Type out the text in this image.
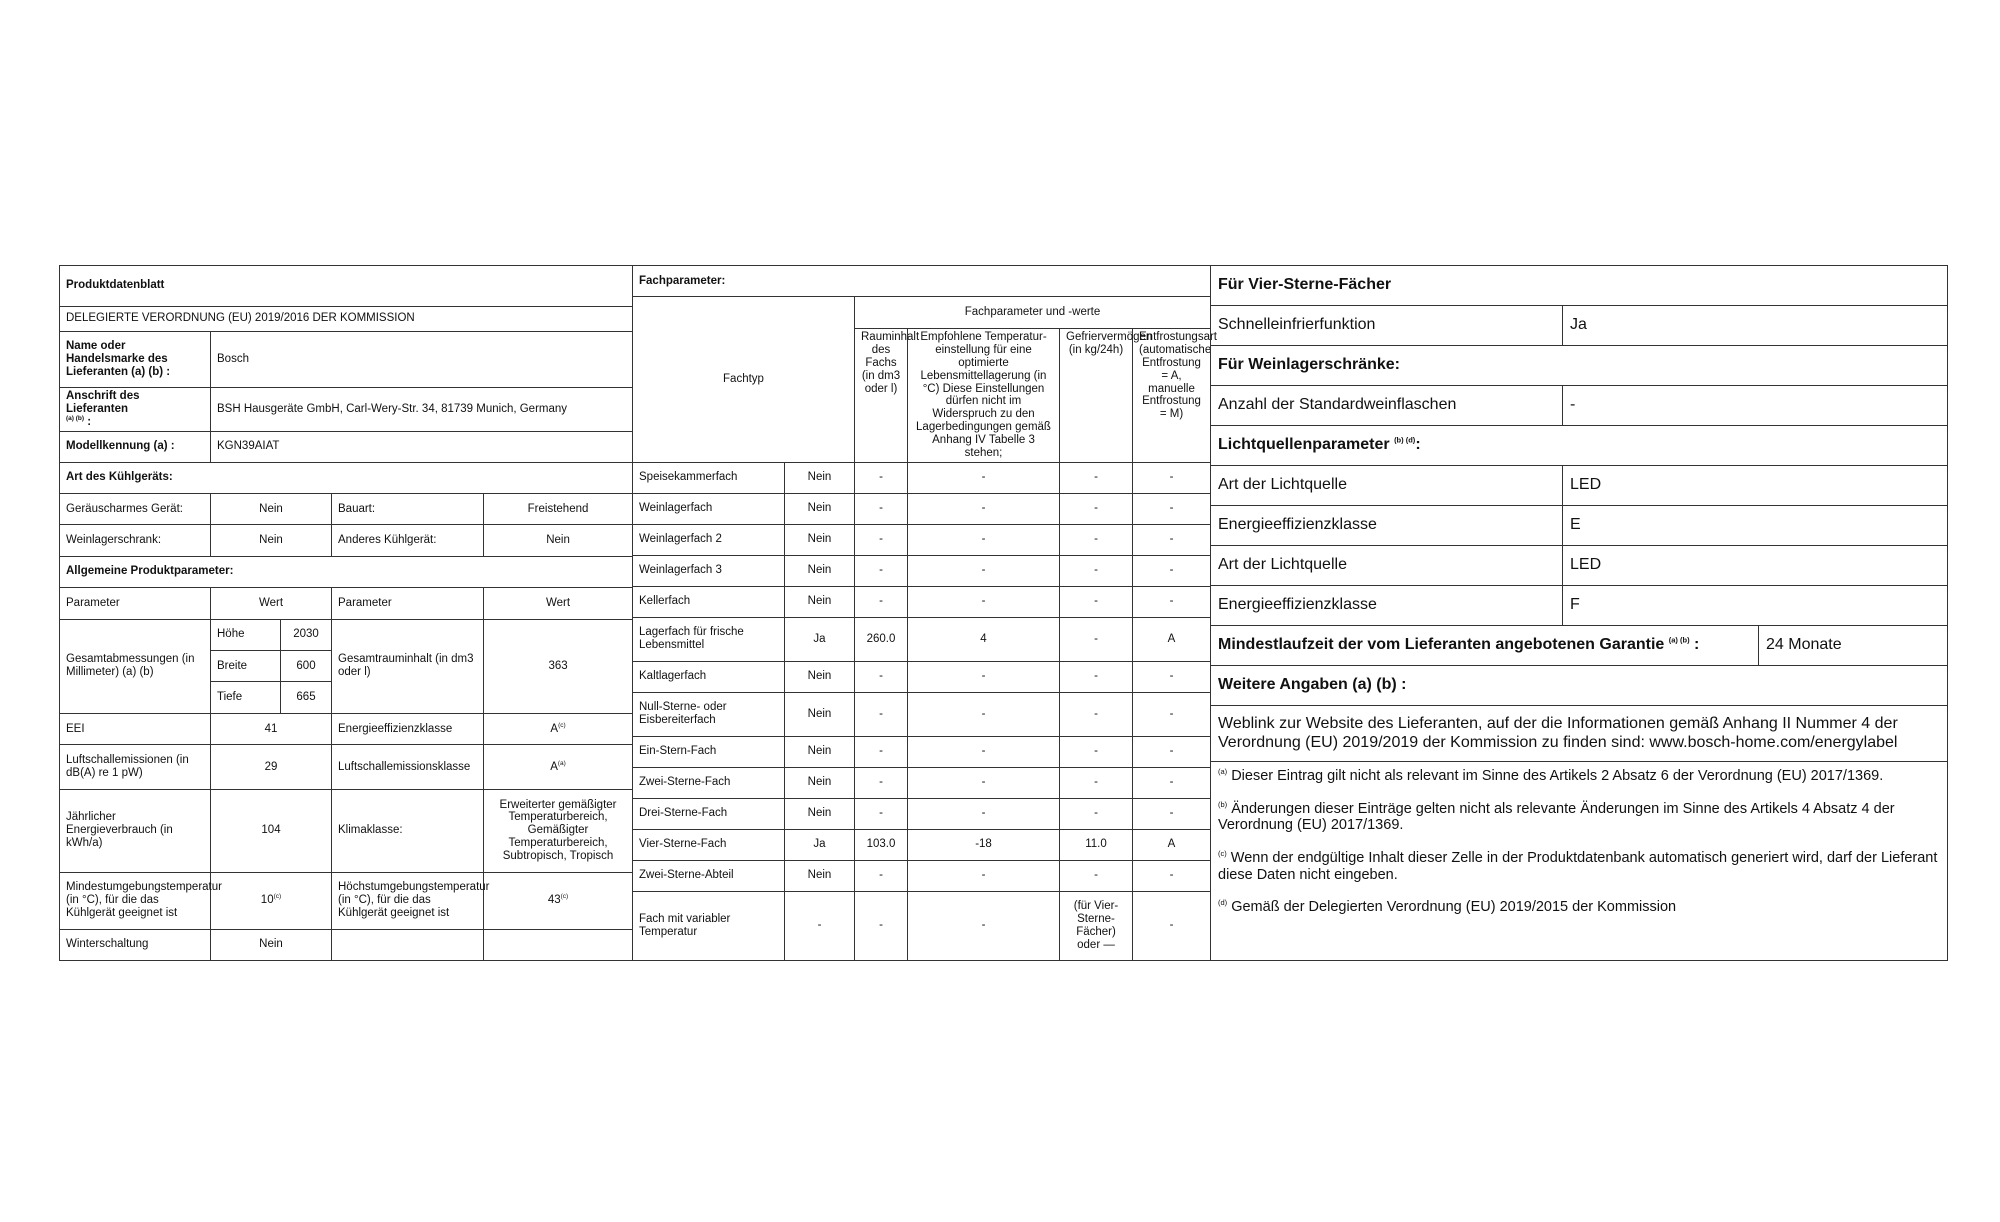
Produktdatenblatt				
DELEGIERTE VERORDNUNG (EU) 2019/2016 DER KOMMISSION				
Name oder Handelsmarke des Lieferanten (a) (b) :	Bosch			
Anschrift des Lieferanten
$^{(a) (b)}$ :	BSH Hausgeräte GmbH, Carl-Wery-Str. 34, 81739 Munich, Germany			
Modellkennung (a) :	KGN39AIAT			
Art des Kühlgeräts:				
Geräuscharmes Gerät:	Nein		Bauart:	Freistehend
Weinlagerschrank:	Nein		Anderes Kühlgerät:	Nein
Allgemeine Produktparameter:				
Parameter	Wert		Parameter	Wert
Gesamtabmessungen (in Millimeter) (a) (b)	Höhe	2030	Gesamtrauminhalt (in dm3 oder l)	363
	Breite	600		
	Tiefe	665		
EEI	41		Energieeffizienzklasse	$A^{(c)}$
Luftschallemissionen (in dB(A) re 1 pW)	29		Luftschallemissionsklasse	$A^{(a)}$
Jährlicher Energieverbrauch (in kWh/a)	104		Klimaklasse:	Erweiterter gemäßigter Temperaturbereich, Gemäßigter Temperaturbereich, Subtropisch, Tropisch
Mindestumgebungstemperatur (in °C), für die das Kühlgerät geeignet ist	10$^{(c)}$		Höchstumgebungstemperatur (in °C), für die das Kühlgerät geeignet ist	43$^{(c)}$
Winterschaltung	Nein			
Fachparameter:					
Fachtyp		Fachparameter und -werte			
		Rauminhalt des Fachs (in dm3 oder l)	Empfohlene Temperatur-einstellung für eine optimierte Lebensmittellagerung (in °C) Diese Einstellungen dürfen nicht im Widerspruch zu den Lagerbedingungen gemäß Anhang IV Tabelle 3 stehen;	Gefriervermögen (in kg/24h)	Entfrostungsart (automatische Entfrostung = A, manuelle Entfrostung = M)
Speisekammerfach	Nein	-	-	-	-
Weinlagerfach	Nein	-	-	-	-
Weinlagerfach 2	Nein	-	-	-	-
Weinlagerfach 3	Nein	-	-	-	-
Kellerfach	Nein	-	-	-	-
Lagerfach für frische Lebensmittel	Ja	260.0	4	-	A
Kaltlagerfach	Nein	-	-	-	-
Null-Sterne- oder Eisbereiterfach	Nein	-	-	-	-
Ein-Stern-Fach	Nein	-	-	-	-
Zwei-Sterne-Fach	Nein	-	-	-	-
Drei-Sterne-Fach	Nein	-	-	-	-
Vier-Sterne-Fach	Ja	103.0	-18	11.0	A
Zwei-Sterne-Abteil	Nein	-	-	-	-
Fach mit variabler Temperatur	-	-	-	(für Vier-Sterne-Fächer) oder —	-
Für Vier-Sterne-Fächer		
Schnelleinfrierfunktion	Ja	
Für Weinlagerschränke:		
Anzahl der Standardweinflaschen	-	
Lichtquellenparameter $^{(b) (d)}$:		
Art der Lichtquelle	LED	
Energieeffizienzklasse	E	
Art der Lichtquelle	LED	
Energieeffizienzklasse	F	
Mindestlaufzeit der vom Lieferanten angebotenen Garantie $^{(a) (b)}$ :		24 Monate
Weitere Angaben (a) (b) :		
Weblink zur Website des Lieferanten, auf der die Informationen gemäß Anhang II Nummer 4 der Verordnung (EU) 2019/2019 der Kommission zu finden sind: www.bosch-home.com/energylabel		

$^{(a)}$ Dieser Eintrag gilt nicht als relevant im Sinne des Artikels 2 Absatz 6 der Verordnung (EU) 2017/1369.
$^{(b)}$ Änderungen dieser Einträge gelten nicht als relevante Änderungen im Sinne des Artikels 4 Absatz 4 der Verordnung (EU) 2017/1369.
$^{(c)}$ Wenn der endgültige Inhalt dieser Zelle in der Produktdatenbank automatisch generiert wird, darf der Lieferant diese Daten nicht eingeben.
$^{(d)}$ Gemäß der Delegierten Verordnung (EU) 2019/2015 der Kommission		
